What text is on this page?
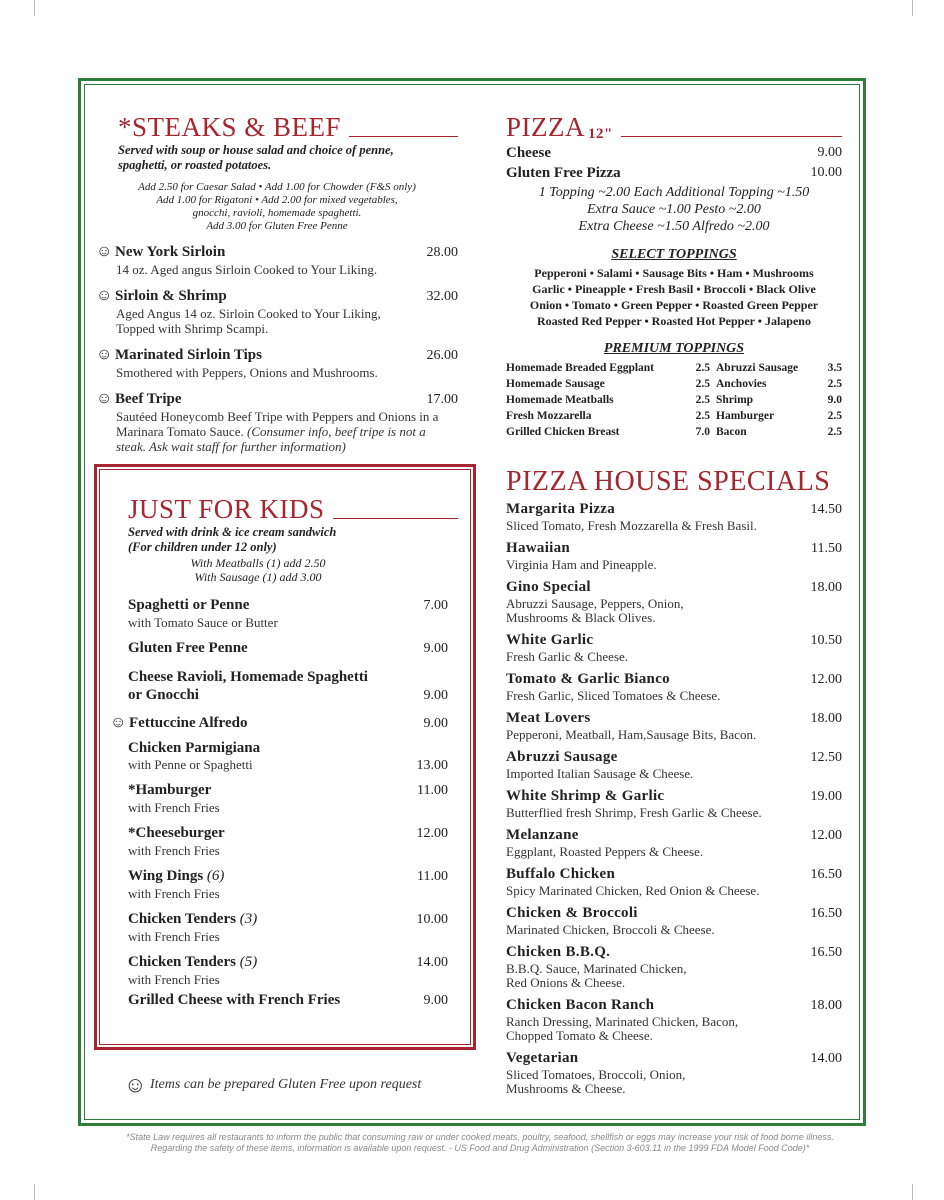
*STEAKS & BEEF
Served with soup or house salad and choice of penne, spaghetti, or roasted potatoes.
Add 2.50 for Caesar Salad • Add 1.00 for Chowder (F&S only)
Add 1.00 for Rigatoni • Add 2.00 for mixed vegetables,
gnocchi, ravioli, homemade spaghetti.
Add 3.00 for Gluten Free Penne
☺ New York Sirloin	28.00
14 oz. Aged angus Sirloin Cooked to Your Liking.
☺ Sirloin & Shrimp	32.00
Aged Angus 14 oz. Sirloin Cooked to Your Liking, Topped with Shrimp Scampi.
☺ Marinated Sirloin Tips	26.00
Smothered with Peppers, Onions and Mushrooms.
☺ Beef Tripe	17.00
Sautéed Honeycomb Beef Tripe with Peppers and Onions in a Marinara Tomato Sauce. (Consumer info, beef tripe is not a steak. Ask wait staff for further information)
JUST FOR KIDS
Served with drink & ice cream sandwich
(For children under 12 only)
With Meatballs (1) add 2.50
With Sausage (1) add 3.00
Spaghetti or Penne	7.00
with Tomato Sauce or Butter
Gluten Free Penne	9.00
Cheese Ravioli, Homemade Spaghetti
or Gnocchi	9.00
☺ Fettuccine Alfredo	9.00
Chicken Parmigiana
with Penne or Spaghetti	13.00
*Hamburger	11.00
with French Fries
*Cheeseburger	12.00
with French Fries
Wing Dings (6)	11.00
with French Fries
Chicken Tenders (3)	10.00
with French Fries
Chicken Tenders (5)	14.00
with French Fries
Grilled Cheese with French Fries	9.00
☺ Items can be prepared Gluten Free upon request
PIZZA 12"
Cheese	9.00
Gluten Free Pizza	10.00
1 Topping ~2.00 Each Additional Topping ~1.50
Extra Sauce ~1.00 Pesto ~2.00
Extra Cheese ~1.50 Alfredo ~2.00
SELECT TOPPINGS
Pepperoni • Salami • Sausage Bits • Ham • Mushrooms
Garlic • Pineapple • Fresh Basil • Broccoli • Black Olive
Onion • Tomato • Green Pepper • Roasted Green Pepper
Roasted Red Pepper • Roasted Hot Pepper • Jalapeno
PREMIUM TOPPINGS
Homemade Breaded Eggplant	2.5 Abruzzi Sausage	3.5
Homemade Sausage	2.5 Anchovies	2.5
Homemade Meatballs	2.5 Shrimp	9.0
Fresh Mozzarella	2.5 Hamburger	2.5
Grilled Chicken Breast	7.0 Bacon	2.5
PIZZA HOUSE SPECIALS
Margarita Pizza	14.50
Sliced Tomato, Fresh Mozzarella & Fresh Basil.
Hawaiian	11.50
Virginia Ham and Pineapple.
Gino Special	18.00
Abruzzi Sausage, Peppers, Onion,
Mushrooms & Black Olives.
White Garlic	10.50
Fresh Garlic & Cheese.
Tomato & Garlic Bianco	12.00
Fresh Garlic, Sliced Tomatoes & Cheese.
Meat Lovers	18.00
Pepperoni, Meatball, Ham,Sausage Bits, Bacon.
Abruzzi Sausage	12.50
Imported Italian Sausage & Cheese.
White Shrimp & Garlic	19.00
Butterflied fresh Shrimp, Fresh Garlic & Cheese.
Melanzane	12.00
Eggplant, Roasted Peppers & Cheese.
Buffalo Chicken	16.50
Spicy Marinated Chicken, Red Onion & Cheese.
Chicken & Broccoli	16.50
Marinated Chicken, Broccoli & Cheese.
Chicken B.B.Q.	16.50
B.B.Q. Sauce, Marinated Chicken,
Red Onions & Cheese.
Chicken Bacon Ranch	18.00
Ranch Dressing, Marinated Chicken, Bacon,
Chopped Tomato & Cheese.
Vegetarian	14.00
Sliced Tomatoes, Broccoli, Onion,
Mushrooms & Cheese.
*State Law requires all restaurants to inform the public that consuming raw or under cooked meats, poultry, seafood, shellfish or eggs may increase your risk of food borne illness.
Regarding the safety of these items, information is available upon request. - US Food and Drug Administration (Section 3-603.11 in the 1999 FDA Model Food Code)*
